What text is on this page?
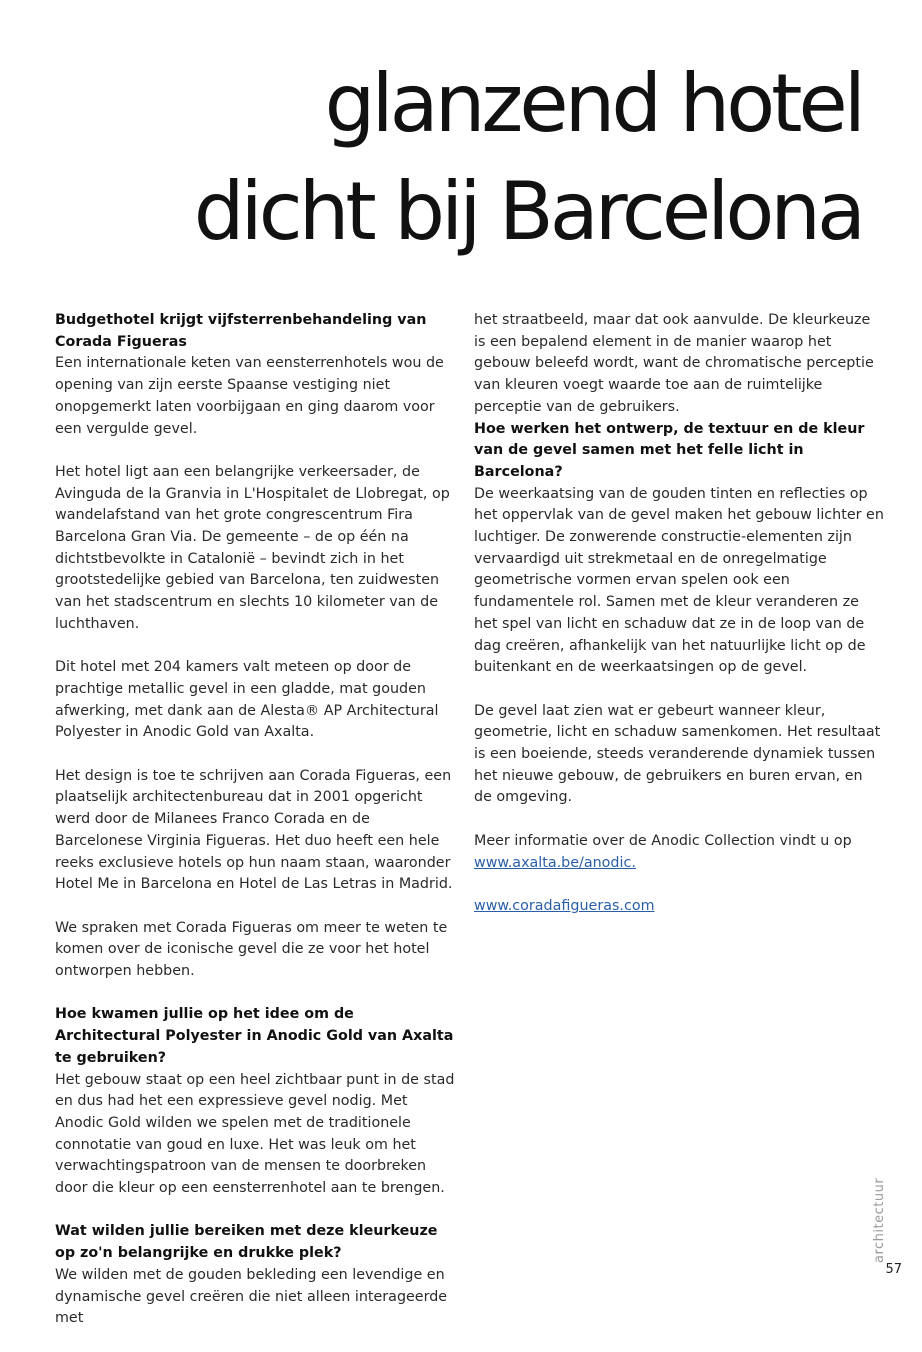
glanzend hotel
dicht bij Barcelona
Budgethotel krijgt vijfsterrenbehandeling van Corada Figueras

Een internationale keten van eensterrenhotels wou de opening van zijn eerste Spaanse vestiging niet onopgemerkt laten voorbijgaan en ging daarom voor een vergulde gevel.

Het hotel ligt aan een belangrijke verkeersader, de Avinguda de la Granvia in L'Hospitalet de Llobregat, op wandelafstand van het grote congrescentrum Fira Barcelona Gran Via. De gemeente – de op één na dichtstbevolkte in Catalonië – bevindt zich in het grootstedelijke gebied van Barcelona, ten zuidwesten van het stadscentrum en slechts 10 kilometer van de luchthaven.

Dit hotel met 204 kamers valt meteen op door de prachtige metallic gevel in een gladde, mat gouden afwerking, met dank aan de Alesta® AP Architectural Polyester in Anodic Gold van Axalta.

Het design is toe te schrijven aan Corada Figueras, een plaatselijk architectenbureau dat in 2001 opgericht werd door de Milanees Franco Corada en de Barcelonese Virginia Figueras. Het duo heeft een hele reeks exclusieve hotels op hun naam staan, waaronder Hotel Me in Barcelona en Hotel de Las Letras in Madrid.

We spraken met Corada Figueras om meer te weten te komen over de iconische gevel die ze voor het hotel ontworpen hebben.

Hoe kwamen jullie op het idee om de Architectural Polyester in Anodic Gold van Axalta te gebruiken?

Het gebouw staat op een heel zichtbaar punt in de stad en dus had het een expressieve gevel nodig. Met Anodic Gold wilden we spelen met de traditionele connotatie van goud en luxe. Het was leuk om het verwachtingspatroon van de mensen te doorbreken door die kleur op een eensterrenhotel aan te brengen.

Wat wilden jullie bereiken met deze kleurkeuze op zo'n belangrijke en drukke plek?

We wilden met de gouden bekleding een levendige en dynamische gevel creëren die niet alleen interageerde met

het straatbeeld, maar dat ook aanvulde. De kleurkeuze is een bepalend element in de manier waarop het gebouw beleefd wordt, want de chromatische perceptie van kleuren voegt waarde toe aan de ruimtelijke perceptie van de gebruikers.

Hoe werken het ontwerp, de textuur en de kleur van de gevel samen met het felle licht in Barcelona?

De weerkaatsing van de gouden tinten en reflecties op het oppervlak van de gevel maken het gebouw lichter en luchtiger. De zonwerende constructie-elementen zijn vervaardigd uit strekmetaal en de onregelmatige geometrische vormen ervan spelen ook een fundamentele rol. Samen met de kleur veranderen ze het spel van licht en schaduw dat ze in de loop van de dag creëren, afhankelijk van het natuurlijke licht op de buitenkant en de weerkaatsingen op de gevel.

De gevel laat zien wat er gebeurt wanneer kleur, geometrie, licht en schaduw samenkomen. Het resultaat is een boeiende, steeds veranderende dynamiek tussen het nieuwe gebouw, de gebruikers en buren ervan, en de omgeving.

Meer informatie over de Anodic Collection vindt u op
www.axalta.be/anodic.

www.coradafigueras.com

architectuur
57
